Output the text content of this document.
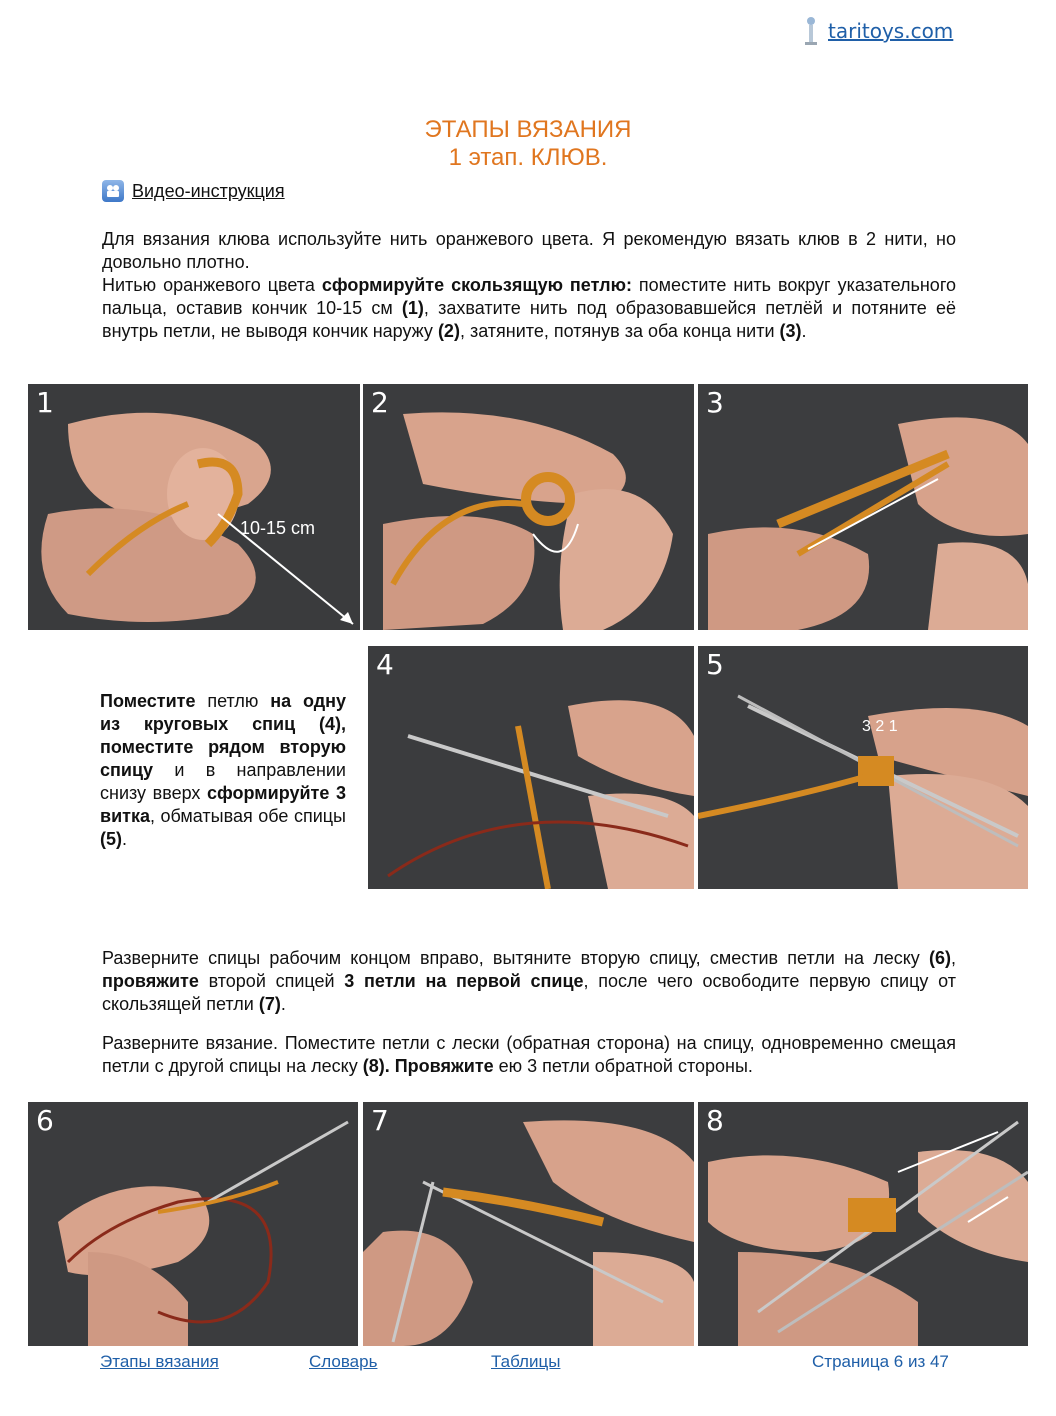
taritoys.com
ЭТАПЫ ВЯЗАНИЯ
1 этап. КЛЮВ.
Видео-инструкция
Для вязания клюва используйте нить оранжевого цвета. Я рекомендую вязать клюв в 2 нити, но довольно плотно.
Нитью оранжевого цвета сформируйте скользящую петлю: поместите нить вокруг указательного пальца, оставив кончик 10-15 см (1), захватите нить под образовавшейся петлёй и потяните её внутрь петли, не выводя кончик наружу (2), затяните, потянув за оба конца нити (3).
1
10-15 cm
2	3
Поместите петлю на одну из круговых спиц (4), поместите рядом вторую спицу и в направлении снизу вверх сформируйте 3 витка, обматывая обе спицы (5).
4	5
3 2 1
Разверните спицы рабочим концом вправо, вытяните вторую спицу, сместив петли на леску (6), провяжите второй спицей 3 петли на первой спице, после чего освободите первую спицу от скользящей петли (7).
Разверните вязание. Поместите петли с лески (обратная сторона) на спицу, одновременно смещая петли с другой спицы на леску (8). Провяжите ею 3 петли обратной стороны.
6	7	8
Этапы вязания	Словарь	Таблицы	Страница 6 из 47
